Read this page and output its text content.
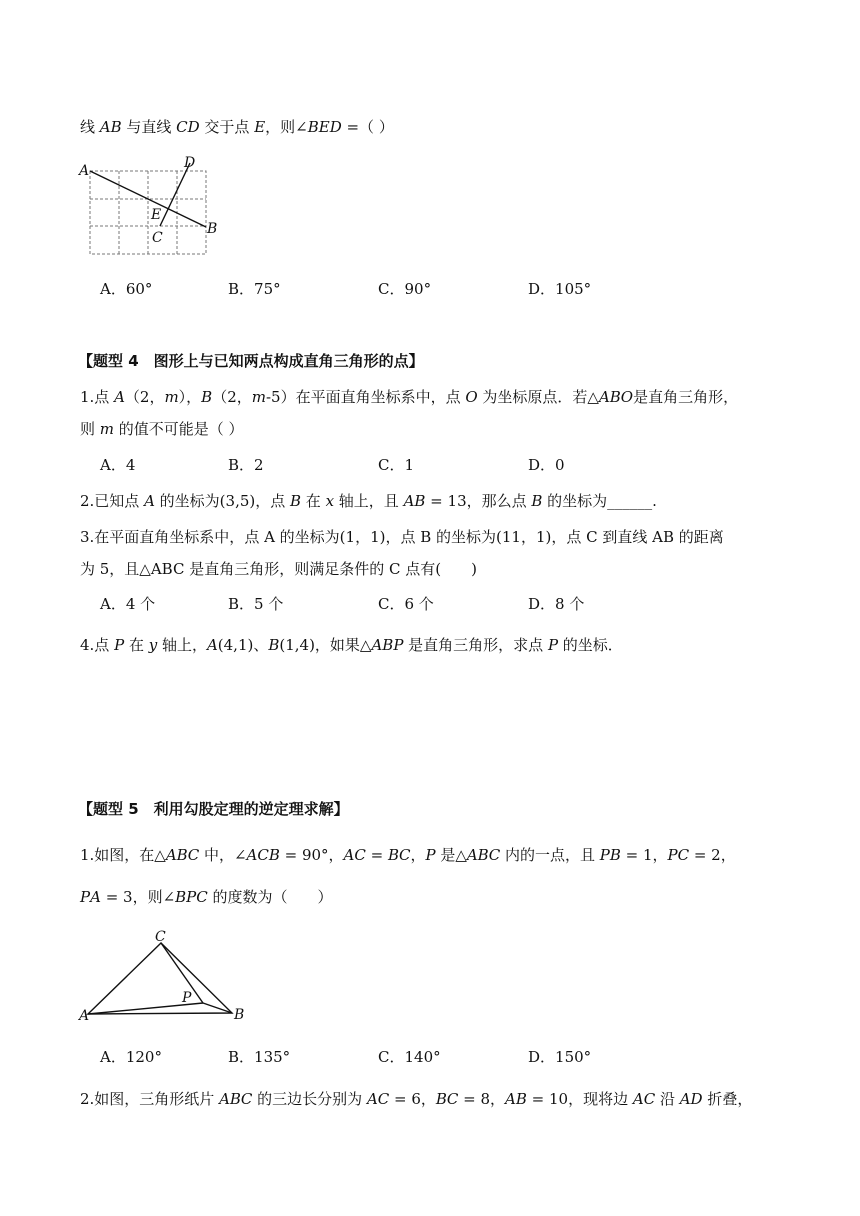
线 𝐴𝐵 与直线 𝐶𝐷 交于点 𝐸，则∠𝐵𝐸𝐷 =（ ）
A
B
C
D
E
A．60°	B．75°	C．90°	D．105°
【题型 4　图形上与已知两点构成直角三角形的点】
1.点 𝐴（2，𝑚），𝐵（2，𝑚-5）在平面直角坐标系中，点 𝑂 为坐标原点．若△𝐴𝐵𝑂是直角三角形，
则 𝑚 的值不可能是（ ）
A．4	B．2	C．1	D．0
2.已知点 𝐴 的坐标为(3,5)，点 𝐵 在 𝑥 轴上，且 𝐴𝐵 = 13，那么点 𝐵 的坐标为______.
3.在平面直角坐标系中，点 A 的坐标为(1，1)，点 B 的坐标为(11，1)，点 C 到直线 AB 的距离
为 5，且△ABC 是直角三角形，则满足条件的 C 点有(　　)
A．4 个	B．5 个	C．6 个	D．8 个
4.点 𝑃 在 𝑦 轴上，𝐴(4,1)、𝐵(1,4)，如果△𝐴𝐵𝑃 是直角三角形，求点 𝑃 的坐标．
【题型 5　利用勾股定理的逆定理求解】
1.如图，在△𝐴𝐵𝐶 中，∠𝐴𝐶𝐵 = 90°，𝐴𝐶 = 𝐵𝐶，𝑃 是△𝐴𝐵𝐶 内的一点，且 𝑃𝐵 = 1，𝑃𝐶 = 2，
𝑃𝐴 = 3，则∠𝐵𝑃𝐶 的度数为（　　）
A	B
C
P
A．120°	B．135°	C．140°	D．150°
2.如图，三角形纸片 𝐴𝐵𝐶 的三边长分别为 𝐴𝐶 = 6，𝐵𝐶 = 8，𝐴𝐵 = 10，现将边 𝐴𝐶 沿 𝐴𝐷 折叠，
